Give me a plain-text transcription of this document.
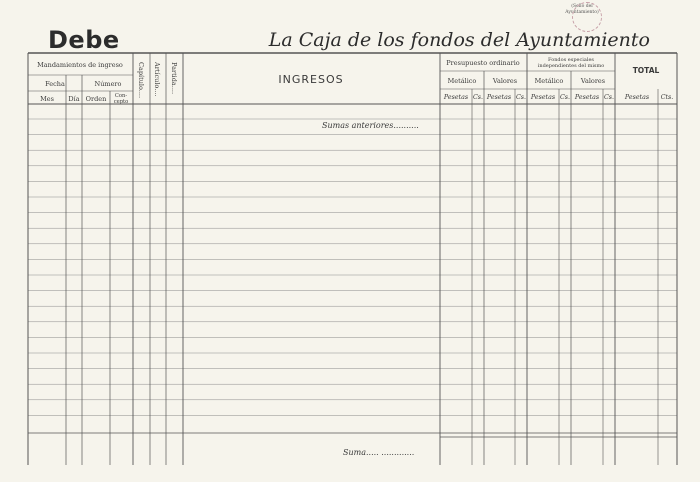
Debe	La Caja de los fondos del Ayuntamiento
(Sello del
Ayuntamiento)
Mandamientos de ingreso
Fecha	Número
Mes Día Orden Con-
cepto
Capítulo.... Artículo.... Partida....	INGRESOS
Presupuesto ordinario	Fondos especiales
independientes del mismo	TOTAL
Metálico	Valores	Metálico	Valores
Pesetas Cs. Pesetas Cs. Pesetas Cs. Pesetas Cs. Pesetas Cts.
Sumas anteriores..........
Suma..... .............
